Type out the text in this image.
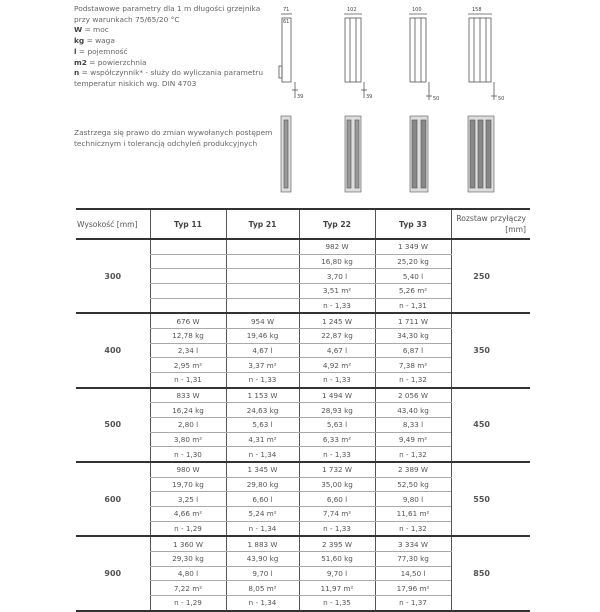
Podstawowe parametry dla 1 m długości grzejnika przy warunkach 75/65/20 °C
W = moc
kg = waga
l = pojemność
m2 = powierzchnia
n = współczynnik* - służy do wyliczania parametru temperatur niskich wg. DIN 4703
Zastrzega się prawo do zmian wywołanych postępem technicznym i tolerancją odchyleń produkcyjnych
71
61
102	100	158
39	39	50	50
Wysokość [mm]	Typ 11	Typ 21	Typ 22	Typ 33	Rozstaw przyłączy [mm]
300			982 W	1 349 W	250
			16,80 kg	25,20 kg	
			3,70 l	5,40 l	
			3,51 m²	5,26 m²	
			n - 1,33	n - 1,31	
400	676 W	954 W	1 245 W	1 711 W	350
	12,78 kg	19,46 kg	22,87 kg	34,30 kg	
	2,34 l	4,67 l	4,67 l	6,87 l	
	2,95 m²	3,37 m²	4,92 m²	7,38 m²	
	n - 1,31	n - 1,33	n - 1,33	n - 1,32	
500	833 W	1 153 W	1 494 W	2 056 W	450
	16,24 kg	24,63 kg	28,93 kg	43,40 kg	
	2,80 l	5,63 l	5,63 l	8,33 l	
	3,80 m²	4,31 m²	6,33 m²	9,49 m²	
	n - 1,30	n - 1,34	n - 1,33	n - 1,32	
600	980 W	1 345 W	1 732 W	2 389 W	550
	19,70 kg	29,80 kg	35,00 kg	52,50 kg	
	3,25 l	6,60 l	6,60 l	9,80 l	
	4,66 m²	5,24 m²	7,74 m²	11,61 m²	
	n - 1,29	n - 1,34	n - 1,33	n - 1,32	
900	1 360 W	1 883 W	2 395 W	3 334 W	850
	29,30 kg	43,90 kg	51,60 kg	77,30 kg	
	4,80 l	9,70 l	9,70 l	14,50 l	
	7,22 m²	8,05 m²	11,97 m²	17,96 m²	
	n - 1,29	n - 1,34	n - 1,35	n - 1,37	
